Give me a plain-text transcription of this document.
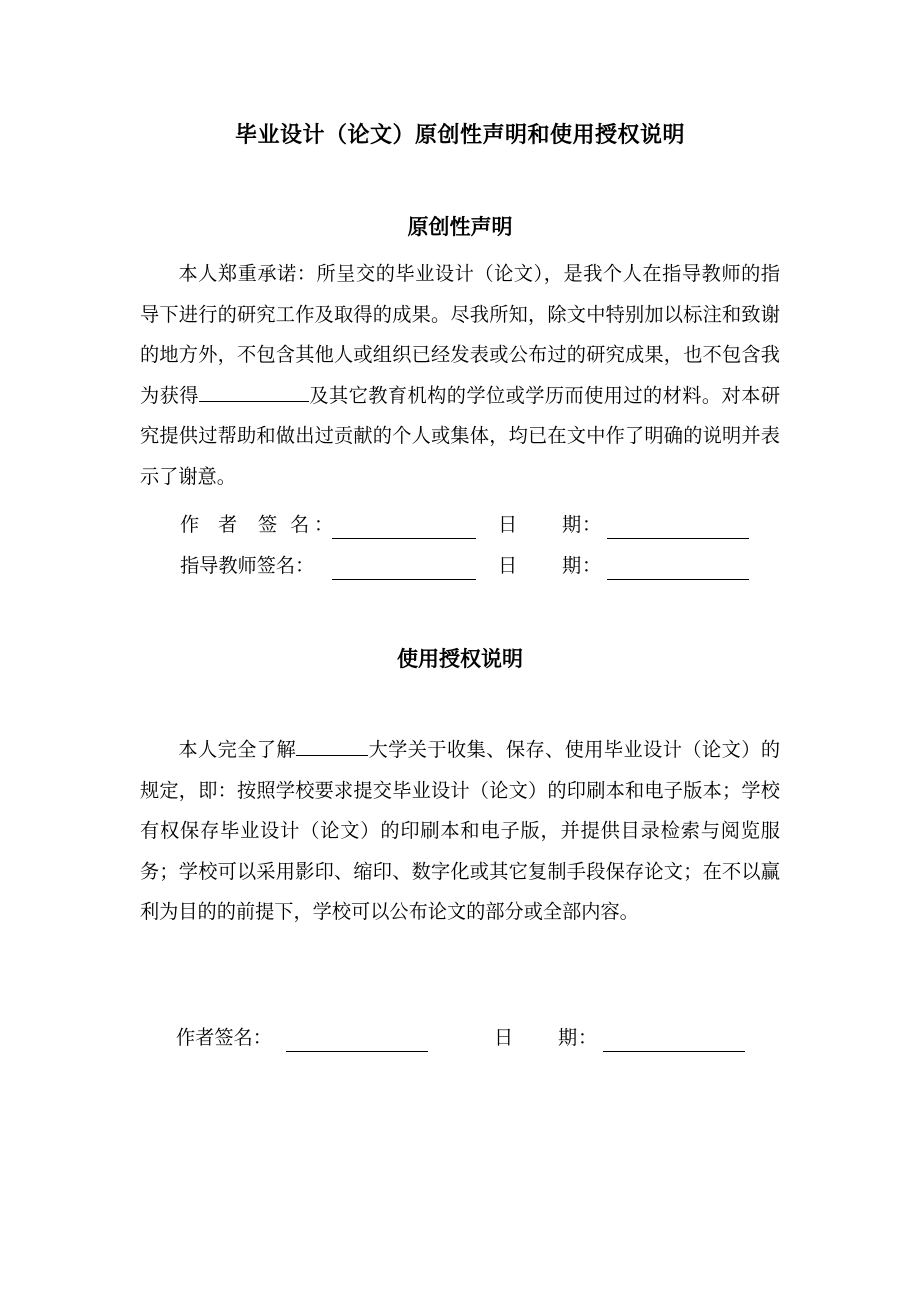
毕业设计（论文）原创性声明和使用授权说明
原创性声明
本人郑重承诺：所呈交的毕业设计（论文），是我个人在指导教师的指导下进行的研究工作及取得的成果。尽我所知，除文中特别加以标注和致谢的地方外，不包含其他人或组织已经发表或公布过的研究成果，也不包含我为获得	及其它教育机构的学位或学历而使用过的材料。对本研究提供过帮助和做出过贡献的个人或集体，均已在文中作了明确的说明并表示了谢意。
作 者 签 名 ：	日 期 ：
指导教师签名：	日 期 ：
使用授权说明
本人完全了解	大学关于收集、保存、使用毕业设计（论文）的规定，即：按照学校要求提交毕业设计（论文）的印刷本和电子版本；学校有权保存毕业设计（论文）的印刷本和电子版，并提供目录检索与阅览服务；学校可以采用影印、缩印、数字化或其它复制手段保存论文；在不以赢利为目的的前提下，学校可以公布论文的部分或全部内容。
作者签名：	日 期 ：
